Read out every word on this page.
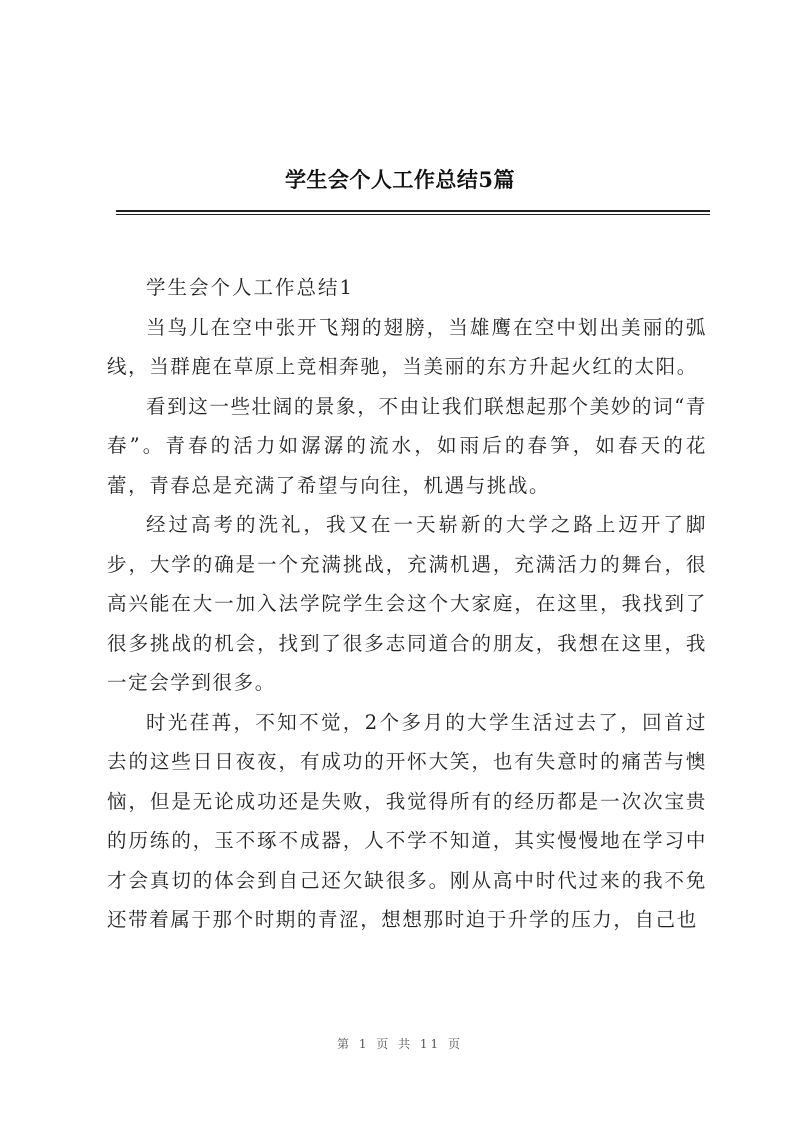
学生会个人工作总结5篇

学生会个人工作总结1

当鸟儿在空中张开飞翔的翅膀，当雄鹰在空中划出美丽的弧线，当群鹿在草原上竞相奔驰，当美丽的东方升起火红的太阳。

看到这一些壮阔的景象，不由让我们联想起那个美妙的词“青春”。青春的活力如潺潺的流水，如雨后的春笋，如春天的花蕾，青春总是充满了希望与向往，机遇与挑战。

经过高考的洗礼，我又在一天崭新的大学之路上迈开了脚步，大学的确是一个充满挑战，充满机遇，充满活力的舞台，很高兴能在大一加入法学院学生会这个大家庭，在这里，我找到了很多挑战的机会，找到了很多志同道合的朋友，我想在这里，我一定会学到很多。

时光荏苒，不知不觉，2个多月的大学生活过去了，回首过去的这些日日夜夜，有成功的开怀大笑，也有失意时的痛苦与懊恼，但是无论成功还是失败，我觉得所有的经历都是一次次宝贵的历练的，玉不琢不成器，人不学不知道，其实慢慢地在学习中才会真切的体会到自己还欠缺很多。刚从高中时代过来的我不免还带着属于那个时期的青涩，想想那时迫于升学的压力，自己也

第 1 页 共 11 页
